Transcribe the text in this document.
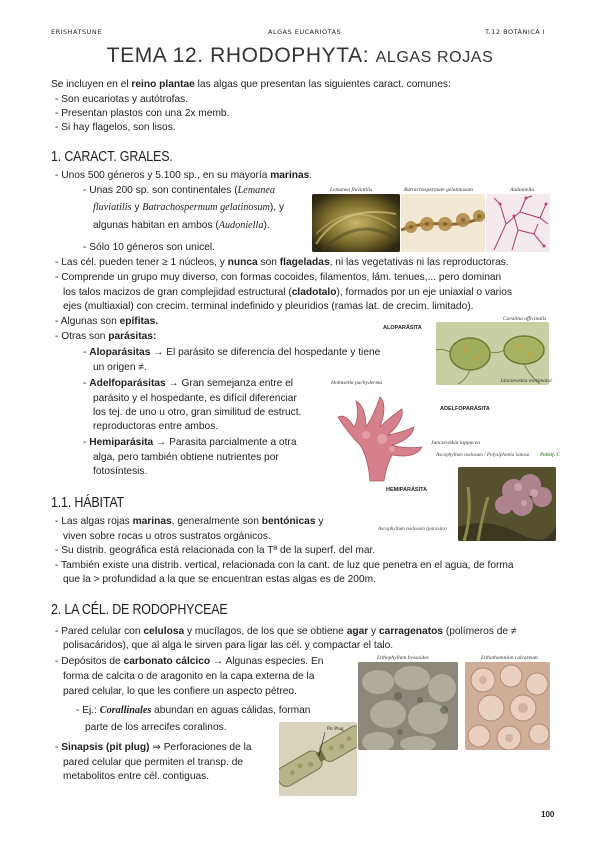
ERISHATSUNE	ALGAS EUCARIOTAS	T.12 BOTÁNICA I
TEMA 12. RHODOPHYTA: ALGAS ROJAS
Se incluyen en el reino plantae las algas que presentan las siguientes caract. comunes:
- Son eucariotas y autótrofas.
- Presentan plastos con una 2x memb.
- Si hay flagelos, son lisos.
1. CARACT. GRALES.
- Unos 500 géneros y 5.100 sp., en su mayoría marinas.
- Unas 200 sp. son continentales (Lemanea
fluviatilis y Batrachospermum gelatinosum), y
algunas habitan en ambos (Audoniella).
- Sólo 10 géneros son unicel.
- Las cél. pueden tener ≥ 1 núcleos, y nunca son flageladas, ni las vegetativas ni las reproductoras.
- Comprende un grupo muy diverso, con formas cocoides, filamentos, lám. tenues,... pero dominan
los talos macizos de gran complejidad estructural (cladotalo), formados por un eje uniaxial o varios
ejes (multiaxial) con crecim. terminal indefinido y pleuridios (ramas lat. de crecim. limitado).
- Algunas son epífitas.
- Otras son parásitas:
- Aloparásitas → El parásito se diferencia del hospedante y tiene
un origen ≠.
- Adelfoparásitas → Gran semejanza entre el
parásito y el hospedante, es difícil diferenciar
los tej. de uno u otro, gran similitud de estruct.
reproductoras entre ambos.
- Hemiparásita → Parasita parcialmente a otra
alga, pero también obtiene nutrientes por
fotosíntesis.
1.1. HÁBITAT
- Las algas rojas marinas, generalmente son bentónicas y
viven sobre rocas u otros sustratos orgánicos.
- Su distrib. geográfica está relacionada con la Tª de la superf. del mar.
- También existe una distrib. vertical, relacionada con la cant. de luz que penetra en el agua, de forma
que la > profundidad a la que se encuentran estas algas es de 200m.
2. LA CÉL. DE RODOPHYCEAE
- Pared celular con celulosa y mucílagos, de los que se obtiene agar y carragenatos (polímeros de ≠
polisacáridos), que al alga le sirven para ligar las cél. y compactar el talo.
- Depósitos de carbonato cálcico → Algunas especies. En
forma de calcita o de aragonito en la capa externa de la
pared celular, lo que les confiere un aspecto pétreo.
- Ej.: Corallinales abundan en aguas cálidas, forman
parte de los arrecifes coralinos.
- Sinapsis (pit plug) ⇒ Perforaciones de la
pared celular que permiten el transp. de
metabolitos entre cél. contiguas.
100
Lemanea fluviatilis	Batrachospermum gelatinosum	Audoniella
Coralina officinalis
ALOPARÁSITA
Janczewskia morimotoi
Holmsella pachyderma
ADELFOPARÁSITA
Janczewskia lappacea
Ascophyllum nodosum / Polysiphonia lanosa Polisif. C
HEMIPARÁSITA
Ascophyllum nodosum (parásito)
Lithophyllum byssoides	Lithothamnion calcareum
Pit Plug
